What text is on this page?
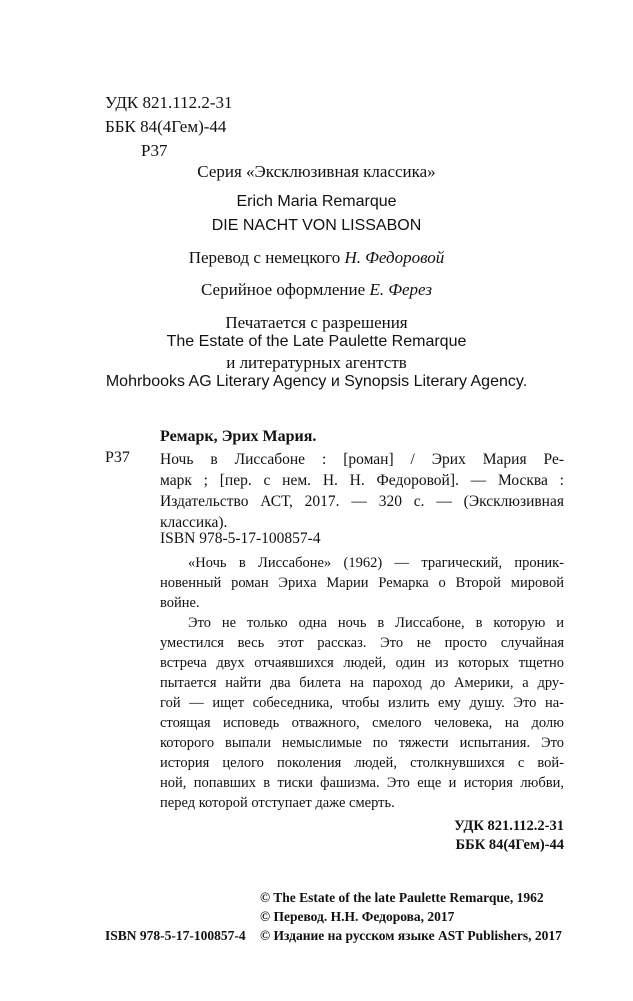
УДК 821.112.2-31
ББК 84(4Гем)-44
Р37
Серия «Эксклюзивная классика»
Erich Maria Remarque
DIE NACHT VON LISSABON
Перевод с немецкого Н. Федоровой
Серийное оформление Е. Ферез
Печатается с разрешения
The Estate of the Late Paulette Remarque
и литературных агентств
Mohrbooks AG Literary Agency и Synopsis Literary Agency.
Ремарк, Эрих Мария.
Р37 Ночь в Лиссабоне : [роман] / Эрих Мария Ре-
марк ; [пер. с нем. Н. Н. Федоровой]. — Москва :
Издательство АСТ, 2017. — 320 с. — (Эксклюзивная
классика).
ISBN 978-5-17-100857-4
«Ночь в Лиссабоне» (1962) — трагический, проник-
новенный роман Эриха Марии Ремарка о Второй мировой
войне.
Это не только одна ночь в Лиссабоне, в которую и
уместился весь этот рассказ. Это не просто случайная
встреча двух отчаявшихся людей, один из которых тщетно
пытается найти два билета на пароход до Америки, а дру-
гой — ищет собеседника, чтобы излить ему душу. Это на-
стоящая исповедь отважного, смелого человека, на долю
которого выпали немыслимые по тяжести испытания. Это
история целого поколения людей, столкнувшихся с вой-
ной, попавших в тиски фашизма. Это еще и история любви,
перед которой отступает даже смерть.
УДК 821.112.2-31
ББК 84(4Гем)-44
© The Estate of the late Paulette Remarque, 1962
© Перевод. Н.Н. Федорова, 2017
© Издание на русском языке AST Publishers, 2017
ISBN 978-5-17-100857-4
